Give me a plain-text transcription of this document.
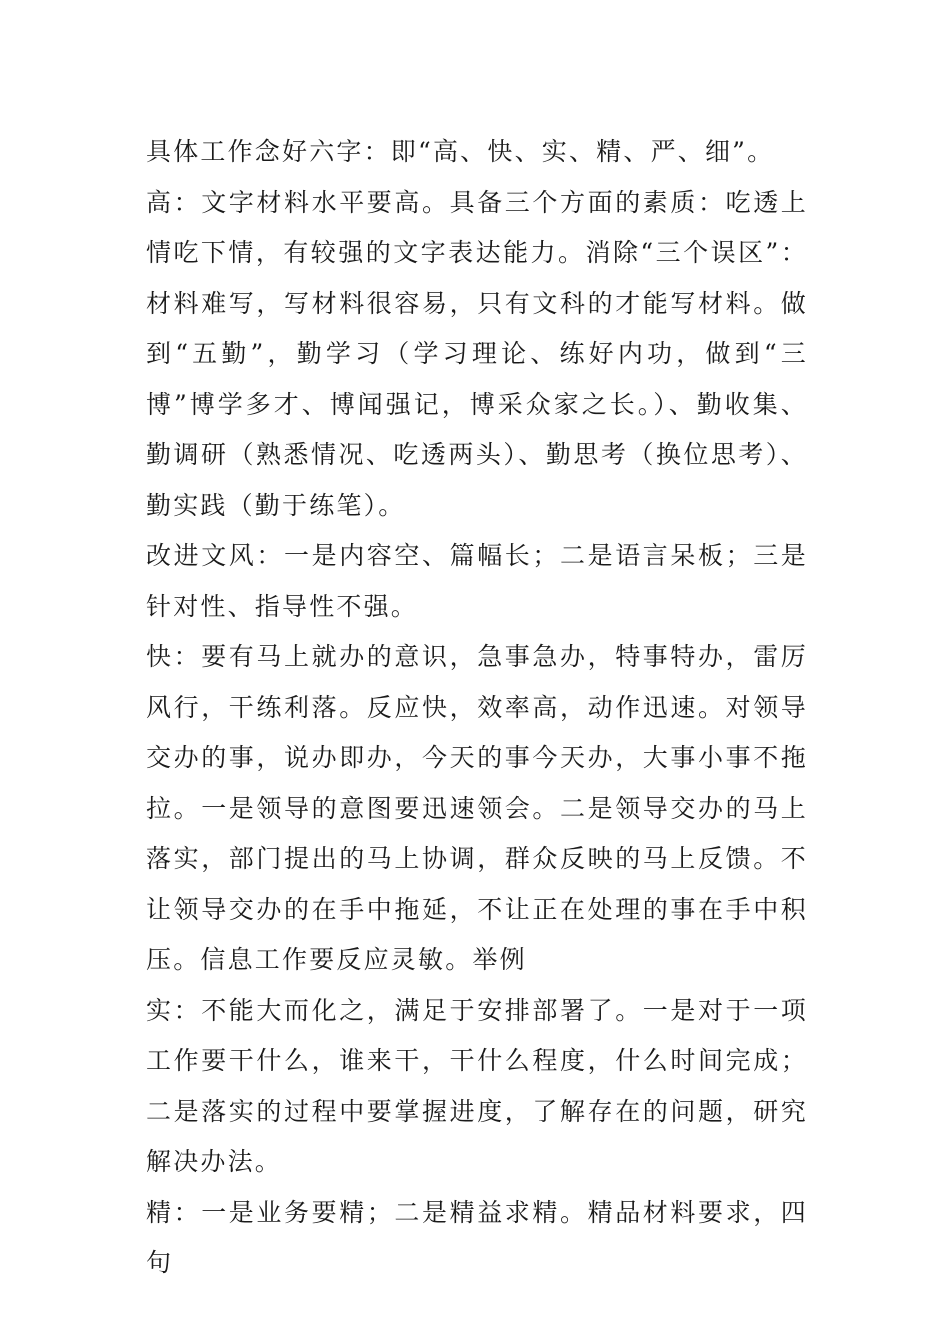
具体工作念好六字：即“高、快、实、精、严、细”。

高：文字材料水平要高。具备三个方面的素质：吃透上情吃下情，有较强的文字表达能力。消除“三个误区”：材料难写，写材料很容易，只有文科的才能写材料。做到“五勤”，勤学习（学习理论、练好内功，做到“三博”博学多才、博闻强记，博采众家之长。）、勤收集、勤调研（熟悉情况、吃透两头）、勤思考（换位思考）、勤实践（勤于练笔）。

改进文风：一是内容空、篇幅长；二是语言呆板；三是针对性、指导性不强。

快：要有马上就办的意识，急事急办，特事特办，雷厉风行，干练利落。反应快，效率高，动作迅速。对领导交办的事，说办即办，今天的事今天办，大事小事不拖拉。一是领导的意图要迅速领会。二是领导交办的马上落实，部门提出的马上协调，群众反映的马上反馈。不让领导交办的在手中拖延，不让正在处理的事在手中积压。信息工作要反应灵敏。举例

实：不能大而化之，满足于安排部署了。一是对于一项工作要干什么，谁来干，干什么程度，什么时间完成；二是落实的过程中要掌握进度，了解存在的问题，研究解决办法。

精：一是业务要精；二是精益求精。精品材料要求，四句
